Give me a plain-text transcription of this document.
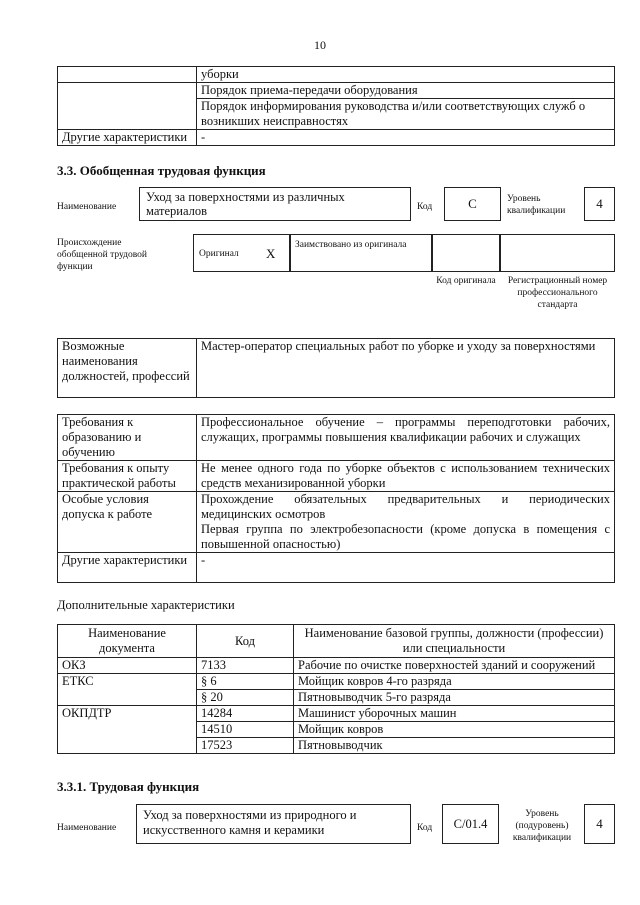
10
	уборки
	Порядок приема-передачи оборудования

	Порядок информирования руководства и/или соответствующих служб о
возникших неисправностях

Другие характеристики	-
3.3. Обобщенная трудовая функция
Наименование
Уход за поверхностями из различных материалов	Код	C	Уровень квалификации	4
Происхождение обобщенной трудовой функции
Оригинал X
Заимствовано из оригинала
Код оригинала	Регистрационный номер профессионального стандарта
Возможные наименования должностей, профессий	Мастер-оператор специальных работ по уборке и уходу за поверхностями
Требования к образованию и обучению	Профессиональное обучение – программы переподготовки рабочих,
служащих, программы повышения квалификации рабочих и служащих

Требования к опыту практической работы	Не менее одного года по уборке объектов с использованием технических
средств механизированной уборки

Особые условия допуска к работе	Прохождение обязательных предварительных и периодических
медицинских осмотров
Первая группа по электробезопасности (кроме допуска в помещения с
повышенной опасностью)

Другие характеристики	-
Дополнительные характеристики
Наименование документа	Код	Наименование базовой группы, должности (профессии) или специальности
ОКЗ	7133	Рабочие по очистке поверхностей зданий и сооружений
ЕТКС	§ 6	Мойщик ковров 4-го разряда
	§ 20	Пятновыводчик 5-го разряда
ОКПДТР	14284	Машинист уборочных машин
	14510	Мойщик ковров
	17523	Пятновыводчик
3.3.1. Трудовая функция
Наименование
Уход за поверхностями из природного и искусственного камня и керамики	Код	C/01.4
Уровень (подуровень) квалификации
4
